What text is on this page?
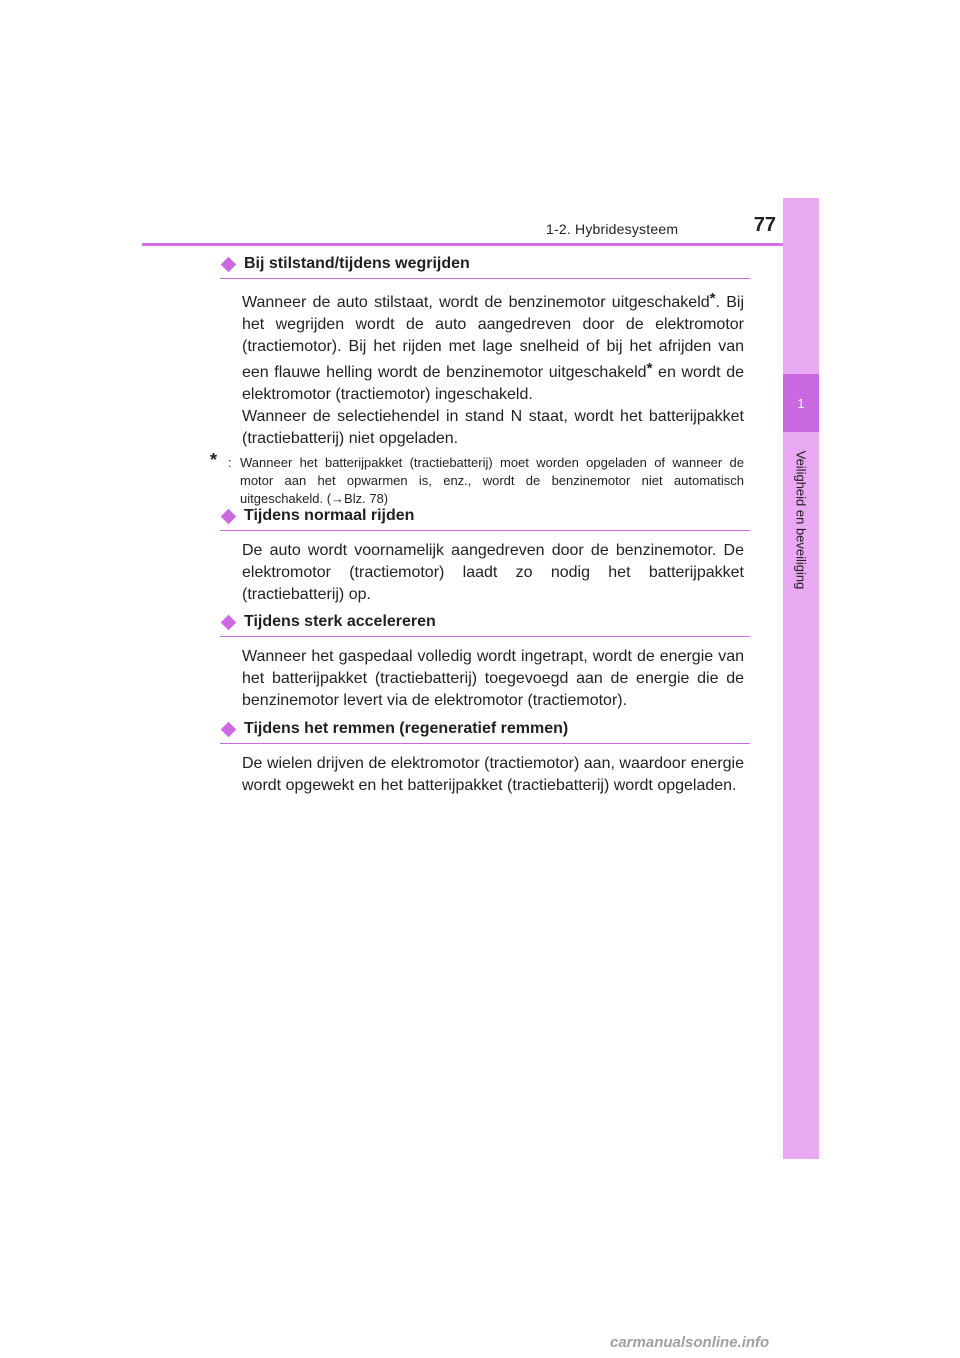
1-2. Hybridesysteem	77
1
Veiligheid en beveiliging
Bij stilstand/tijdens wegrijden

Wanneer de auto stilstaat, wordt de benzinemotor uitgeschakeld*. Bij het wegrijden wordt de auto aangedreven door de elektromotor (tractiemotor). Bij het rijden met lage snelheid of bij het afrijden van een flauwe helling wordt de benzinemotor uitgeschakeld* en wordt de elektromotor (tractiemotor) ingeschakeld.

Wanneer de selectiehendel in stand N staat, wordt het batterijpakket (tractiebatterij) niet opgeladen.

* : Wanneer het batterijpakket (tractiebatterij) moet worden opgeladen of wanneer de motor aan het opwarmen is, enz., wordt de benzinemotor niet automatisch uitgeschakeld. (→Blz. 78)
Tijdens normaal rijden

De auto wordt voornamelijk aangedreven door de benzinemotor. De elektromotor (tractiemotor) laadt zo nodig het batterijpakket (tractiebatterij) op.

Tijdens sterk accelereren

Wanneer het gaspedaal volledig wordt ingetrapt, wordt de energie van het batterijpakket (tractiebatterij) toegevoegd aan de energie die de benzinemotor levert via de elektromotor (tractiemotor).

Tijdens het remmen (regeneratief remmen)

De wielen drijven de elektromotor (tractiemotor) aan, waardoor energie wordt opgewekt en het batterijpakket (tractiebatterij) wordt opgeladen.

carmanualsonline.info
